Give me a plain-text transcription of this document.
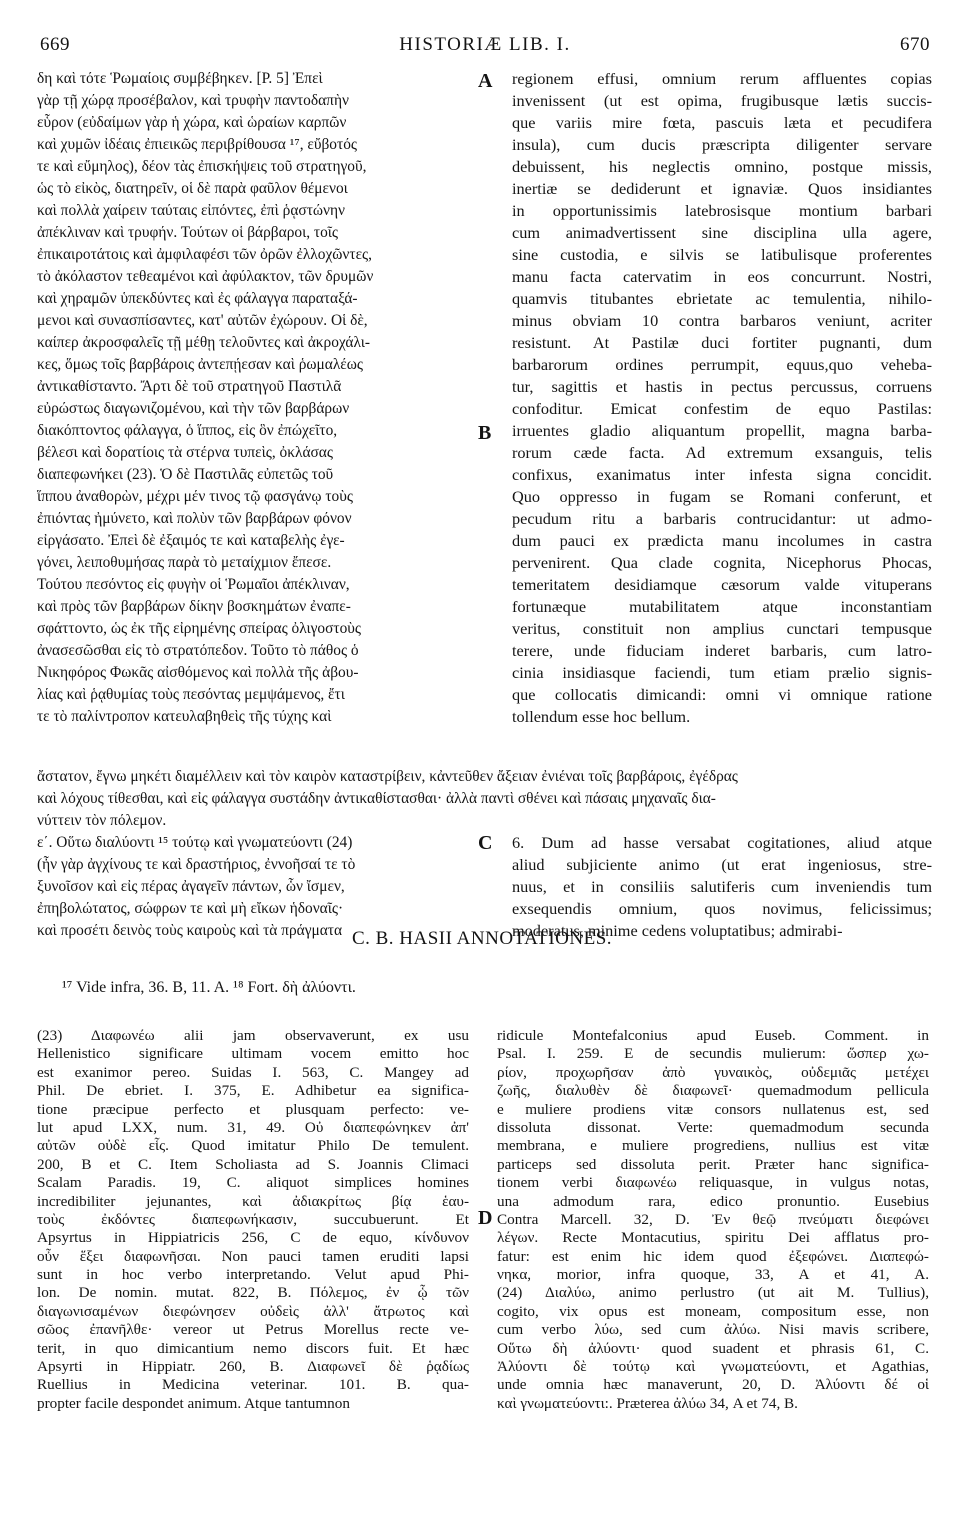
669	HISTORIÆ LIB. I.	670
A
B
C
D
δη καὶ τότε Ῥωμαίοις συμβέβηκεν. [P. 5] Ἐπεὶ
γὰρ τῇ χώρᾳ προσέβαλον, καὶ τρυφὴν παντοδαπὴν
εὗρον (εὐδαίμων γὰρ ἡ χώρα, καὶ ὡραίων καρπῶν
καὶ χυμῶν ἰδέαις ἐπιεικῶς περιβρίθουσα ¹⁷, εὔβοτός
τε καὶ εὔμηλος), δέον τὰς ἐπισκήψεις τοῦ στρατηγοῦ,
ὡς τὸ εἰκὸς, διατηρεῖν, οἱ δὲ παρὰ φαῦλον θέμενοι
καὶ πολλὰ χαίρειν ταύταις εἰπόντες, ἐπὶ ῥᾳστώνην
ἀπέκλιναν καὶ τρυφήν. Τούτων οἱ βάρβαροι, τοῖς
ἐπικαιροτάτοις καὶ ἀμφιλαφέσι τῶν ὀρῶν ἐλλοχῶντες,
τὸ ἀκόλαστον τεθεαμένοι καὶ ἀφύλακτον, τῶν δρυμῶν
καὶ χηραμῶν ὑπεκδύντες καὶ ἐς φάλαγγα παραταξά-
μενοι καὶ συνασπίσαντες, κατ' αὐτῶν ἐχώρουν. Οἱ δὲ,
καίπερ ἀκροσφαλεῖς τῇ μέθῃ τελοῦντες καὶ ἀκροχάλι-
κες, ὅμως τοῖς βαρβάροις ἀντεπῄεσαν καὶ ῥωμαλέως
ἀντικαθίσταντο. Ἄρτι δὲ τοῦ στρατηγοῦ Παστιλᾶ
εὐρώστως διαγωνιζομένου, καὶ τὴν τῶν βαρβάρων
διακόπτοντος φάλαγγα, ὁ ἵππος, εἰς ὃν ἐπώχεῖτο,
βέλεσι καὶ δορατίοις τὰ στέρνα τυπεὶς, ὀκλάσας
διαπεφωνήκει (23). Ὁ δὲ Παστιλᾶς εὐπετῶς τοῦ
ἵππου ἀναθορὼν, μέχρι μέν τινος τῷ φασγάνῳ τοὺς
ἐπιόντας ἠμύνετο, καὶ πολὺν τῶν βαρβάρων φόνον
εἰργάσατο. Ἐπεὶ δὲ ἐξαιμός τε καὶ καταβελὴς ἐγε-
γόνει, λειποθυμήσας παρὰ τὸ μεταίχμιον ἔπεσε.
Τούτου πεσόντος εἰς φυγὴν οἱ Ῥωμαῖοι ἀπέκλιναν,
καὶ πρὸς τῶν βαρβάρων δίκην βοσκημάτων ἐναπε-
σφάττοντο, ὡς ἐκ τῆς εἰρημένης σπείρας ὀλιγοστοὺς
ἀνασεσῶσθαι εἰς τὸ στρατόπεδον. Τοῦτο τὸ πάθος ὁ
Νικηφόρος Φωκᾶς αἰσθόμενος καὶ πολλὰ τῆς ἀβου-
λίας καὶ ῥᾳθυμίας τοὺς πεσόντας μεμψάμενος, ἔτι
τε τὸ παλίντροπον κατευλαβηθεὶς τῆς τύχης καὶ
regionem effusi, omnium rerum affluentes copias
invenissent (ut est opima, frugibusque lætis succis-
que variis mire fœta, pascuis læta et pecudifera
insula), cum ducis præscripta diligenter servare
debuissent, his neglectis omnino, postque missis,
inertiæ se dediderunt et ignaviæ. Quos insidiantes
in opportunissimis latebrosisque montium barbari
cum animadvertissent sine disciplina ulla agere,
sine custodia, e silvis se latibulisque proferentes
manu facta catervatim in eos concurrunt. Nostri,
quamvis titubantes ebrietate ac temulentia, nihilo-
minus obviam 10 contra barbaros veniunt, acriter
resistunt. At Pastilæ duci fortiter pugnanti, dum
barbarorum ordines perrumpit, equus,quo veheba-
tur, sagittis et hastis in pectus percussus, corruens
confoditur. Emicat confestim de equo Pastilas:
irruentes gladio aliquantum propellit, magna barba-
rorum cæde facta. Ad extremum exsanguis, telis
confixus, exanimatus inter infesta signa concidit.
Quo oppresso in fugam se Romani conferunt, et
pecudum ritu a barbaris contrucidantur: ut admo-
dum pauci ex prædicta manu incolumes in castra
pervenirent. Qua clade cognita, Nicephorus Phocas,
temeritatem desidiamque cæsorum valde vituperans
fortunæque mutabilitatem atque inconstantiam
veritus, constituit non amplius cunctari tempusque
terere, unde fiduciam inderet barbaris, cum latro-
cinia insidiasque faciendi, tum etiam prælio signis-
que collocatis dimicandi: omni vi omnique ratione
tollendum esse hoc bellum.
ἄστατον, ἔγνω μηκέτι διαμέλλειν καὶ τὸν καιρὸν καταστρίβειν, κἀντεῦθεν ἄξειαν ἐνιέναι τοῖς βαρβάροις, ἐγέδρας
καὶ λόχους τίθεσθαι, καὶ εἰς φάλαγγα συστάδην ἀντικαθίστασθαι· ἀλλὰ παντὶ σθένει καὶ πάσαις μηχαναῖς δια-
νύττειν τὸν πόλεμον.
ε΄. Οὕτω διαλύοντι ¹⁵ τούτῳ καὶ γνωματεύοντι (24)
(ἦν γὰρ ἀγχίνους τε καὶ δραστήριος, ἐννοῆσαί τε τὸ
ξυνοῖσον καὶ εἰς πέρας ἀγαγεῖν πάντων, ὧν ἴσμεν,
ἐπηβολώτατος, σώφρων τε καὶ μὴ εἴκων ἡδοναῖς·
καὶ προσέτι δεινὸς τοὺς καιροὺς καὶ τὰ πράγματα
6. Dum ad hasse versabat cogitationes, aliud atque
aliud subjiciente animo (ut erat ingeniosus, stre-
nuus, et in consiliis salutiferis cum inveniendis tum
exsequendis omnium, quos novimus, felicissimus;
moderatus, minime cedens voluptatibus; admirabi-
C. B. HASII ANNOTATIONES.
¹⁷ Vide infra, 36. B, 11. A. ¹⁸ Fort. δὴ ἀλύοντι.
(23) Διαφωνέω alii jam observaverunt, ex usu
Hellenistico significare ultimam vocem emitto hoc
est exanimor pereo. Suidas I. 563, C. Mangey ad
Phil. De ebriet. I. 375, E. Adhibetur ea significa-
tione præcipue perfecto et plusquam perfecto: ve-
lut apud LXX, num. 31, 49. Οὐ διαπεφώνηκεν ἀπ'
αὐτῶν οὐδὲ εἷς. Quod imitatur Philo De temulent.
200, B et C. Item Scholiasta ad S. Joannis Climaci
Scalam Paradis. 19, C. aliquot simplices homines
incredibiliter jejunantes, καὶ ἀδιακρίτως βίᾳ ἑαυ-
τοὺς ἐκδόντες διαπεφωνήκασιν, succubuerunt. Et
Apsyrtus in Hippiatricis 256, C de equo, κίνδυνον
οὖν ἕξει διαφωνῆσαι. Non pauci tamen eruditi lapsi
sunt in hoc verbo interpretando. Velut apud Phi-
lon. De nomin. mutat. 822, B. Πόλεμος, ἐν ᾧ τῶν
διαγωνισαμένων διεφώνησεν οὐδεὶς ἀλλ' ἄτρωτος καὶ
σῶος ἐπανῆλθε· vereor ut Petrus Morellus recte ve-
terit, in quo dimicantium nemo discors fuit. Et hæc
Apsyrti in Hippiatr. 260, B. Διαφωνεῖ δὲ ῥᾳδίως
Ruellius in Medicina veterinar. 101. B. qua-
propter facile despondet animum. Atque tantumnon
ridicule Montefalconius apud Euseb. Comment. in
Psal. I. 259. E de secundis mulierum: ὥσπερ χω-
ρίον, προχωρῆσαν ἀπὸ γυναικὸς, οὐδεμιᾶς μετέχει
ζωῆς, διαλυθὲν δὲ διαφωνεῖ· quemadmodum pellicula
e muliere prodiens vitæ consors nullatenus est, sed
dissoluta dissonat. Verte: quemadmodum secunda
membrana, e muliere progrediens, nullius est vitæ
particeps sed dissoluta perit. Præter hanc significa-
tionem verbi διαφωνέω reliquasque, in vulgus notas,
una admodum rara, edico pronuntio. Eusebius
Contra Marcell. 32, D. Ἐν θεῷ πνεύματι διεφώνει
λέγων. Recte Montacutius, spiritu Dei afflatus pro-
fatur: est enim hic idem quod ἐξεφώνει. Διαπεφώ-
νηκα, morior, infra quoque, 33, A et 41, A.
(24) Διαλύω, animo perlustro (ut ait M. Tullius),
cogito, vix opus est moneam, compositum esse, non
cum verbo λύω, sed cum ἀλύω. Nisi mavis scribere,
Οὕτω δὴ ἀλύοντι· quod suadent et phrasis 61, C.
Ἀλύοντι δὲ τούτῳ καὶ γνωματεύοντι, et Agathias,
unde omnia hæc manaverunt, 20, D. Ἀλύοντι δέ οἱ
καὶ γνωματεύοντι:. Præterea ἀλύω 34, A et 74, B.
